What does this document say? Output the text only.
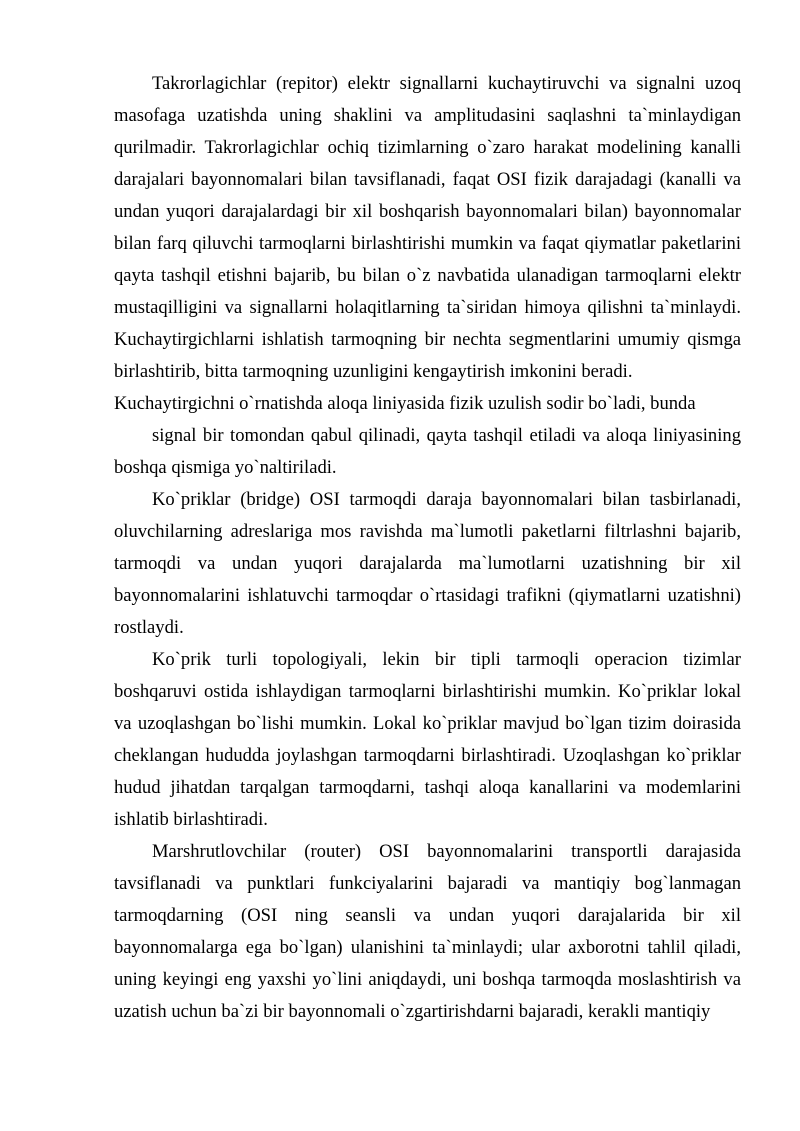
Takrorlagichlar (repitor) elektr signallarni kuchaytiruvchi va signalni uzoq masofaga uzatishda uning shaklini va amplitudasini saqlashni ta`minlaydigan qurilmadir. Takrorlagichlar ochiq tizimlarning o`zaro harakat modelining kanalli darajalari bayonnomalari bilan tavsiflanadi, faqat OSI fizik darajadagi (kanalli va undan yuqori darajalardagi bir xil boshqarish bayonnomalari bilan) bayonnomalar bilan farq qiluvchi tarmoqlarni birlashtirishi mumkin va faqat qiymatlar paketlarini qayta tashqil etishni bajarib, bu bilan o`z navbatida ulanadigan tarmoqlarni elektr mustaqilligini va signallarni holaqitlarning ta`siridan himoya qilishni ta`minlaydi. Kuchaytirgichlarni ishlatish tarmoqning bir nechta segmentlarini umumiy qismga birlashtirib, bitta tarmoqning uzunligini kengaytirish imkonini beradi.

Kuchaytirgichni o`rnatishda aloqa liniyasida fizik uzulish sodir bo`ladi, bunda

signal bir tomondan qabul qilinadi, qayta tashqil etiladi va aloqa liniyasining boshqa qismiga yo`naltiriladi.

Ko`priklar (bridge) OSI tarmoqdi daraja bayonnomalari bilan tasbirlanadi, oluvchilarning adreslariga mos ravishda ma`lumotli paketlarni filtrlashni bajarib, tarmoqdi va undan yuqori darajalarda ma`lumotlarni uzatishning bir xil bayonnomalarini ishlatuvchi tarmoqdar o`rtasidagi trafikni (qiymatlarni uzatishni) rostlaydi.

Ko`prik turli topologiyali, lekin bir tipli tarmoqli operacion tizimlar boshqaruvi ostida ishlaydigan tarmoqlarni birlashtirishi mumkin. Ko`priklar lokal va uzoqlashgan bo`lishi mumkin. Lokal ko`priklar mavjud bo`lgan tizim doirasida cheklangan hududda joylashgan tarmoqdarni birlashtiradi. Uzoqlashgan ko`priklar hudud jihatdan tarqalgan tarmoqdarni, tashqi aloqa kanallarini va modemlarini ishlatib birlashtiradi.

Marshrutlovchilar (router) OSI bayonnomalarini transportli darajasida tavsiflanadi va punktlari funkciyalarini bajaradi va mantiqiy bog`lanmagan tarmoqdarning (OSI ning seansli va undan yuqori darajalarida bir xil bayonnomalarga ega bo`lgan) ulanishini ta`minlaydi; ular axborotni tahlil qiladi, uning keyingi eng yaxshi yo`lini aniqdaydi, uni boshqa tarmoqda moslashtirish va uzatish uchun ba`zi bir bayonnomali o`zgartirishdarni bajaradi, kerakli mantiqiy
